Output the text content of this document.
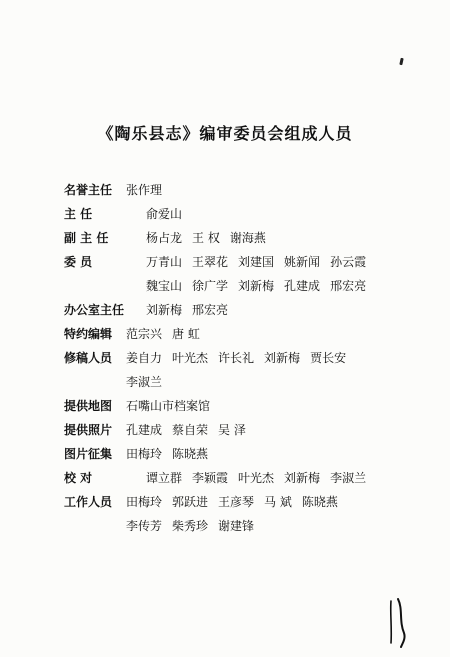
《陶乐县志》编审委员会组成人员
名誉主任 张作理
主 任	俞爱山
副 主 任	杨占龙 王 权 谢海燕
委 员	万青山 王翠花 刘建国 姚新闻 孙云霞
魏宝山 徐广学 刘新梅 孔建成 邢宏亮
办公室主任 刘新梅 邢宏亮
特约编辑 范宗兴 唐 虹
修稿人员 姜自力 叶光杰 许长礼 刘新梅 贾长安
李淑兰
提供地图 石嘴山市档案馆
提供照片 孔建成 蔡自荣 吴 泽
图片征集 田梅玲 陈晓燕
校 对	谭立群 李颖霞 叶光杰 刘新梅 李淑兰
工作人员 田梅玲 郭跃进 王彦琴 马 斌 陈晓燕
李传芳 柴秀珍 谢建锋
